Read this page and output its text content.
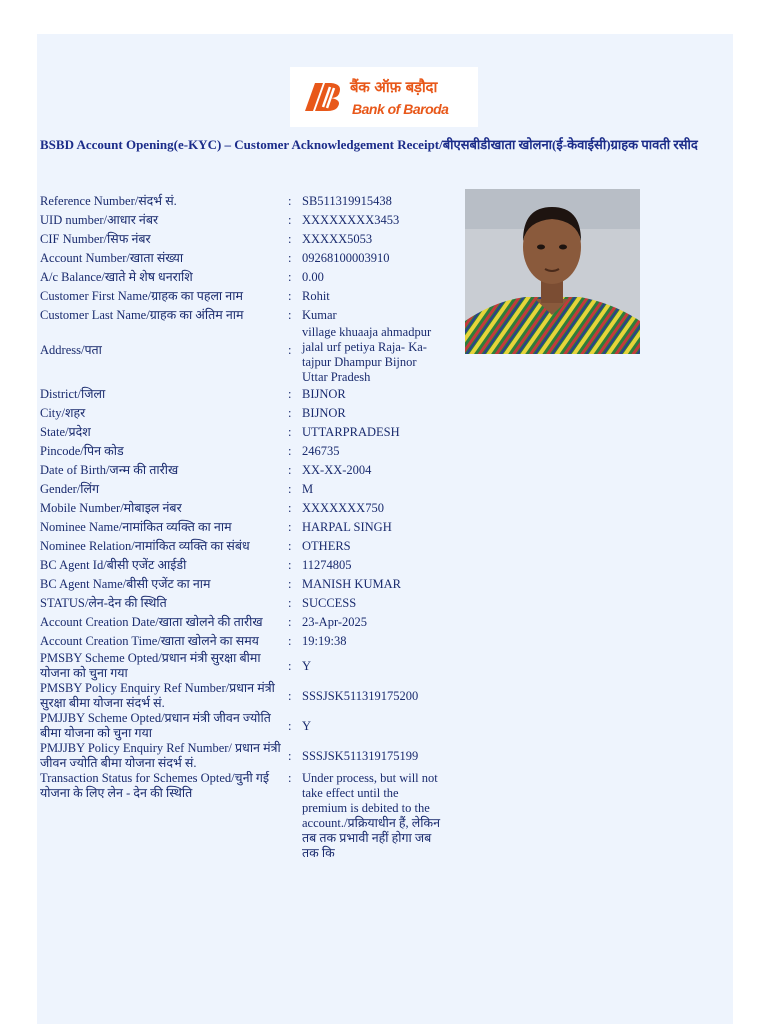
बैंक ऑफ़ बड़ौदा
Bank of Baroda
BSBD Account Opening(e-KYC) – Customer Acknowledgement Receipt/बीएसबीडीखाता खोलना(ई-केवाईसी)ग्राहक पावती रसीद
Reference Number/संदर्भ सं.	: SB511319915438
UID number/आधार नंबर	: XXXXXXXX3453
CIF Number/सिफ नंबर	: XXXXX5053
Account Number/खाता संख्या	: 09268100003910
A/c Balance/खाते मे शेष धनराशि	: 0.00
Customer First Name/ग्राहक का पहला नाम	: Rohit
Customer Last Name/ग्राहक का अंतिम नाम	: Kumar
Address/पता	:
village khuaaja ahmadpur jalal urf petiya Raja- Ka-tajpur Dhampur Bijnor Uttar Pradesh
District/जिला	: BIJNOR
City/शहर	: BIJNOR
State/प्रदेश	: UTTARPRADESH
Pincode/पिन कोड	: 246735
Date of Birth/जन्म की तारीख	: XX-XX-2004
Gender/लिंग	: M
Mobile Number/मोबाइल नंबर	: XXXXXXX750
Nominee Name/नामांकित व्यक्ति का नाम	: HARPAL SINGH
Nominee Relation/नामांकित व्यक्ति का संबंध	: OTHERS
BC Agent Id/बीसी एजेंट आईडी	: 11274805
BC Agent Name/बीसी एजेंट का नाम	: MANISH KUMAR
STATUS/लेन-देन की स्थिति	: SUCCESS
Account Creation Date/खाता खोलने की तारीख	: 23-Apr-2025
Account Creation Time/खाता खोलने का समय	: 19:19:38
PMSBY Scheme Opted/प्रधान मंत्री सुरक्षा बीमा योजना को चुना गया
: Y
PMSBY Policy Enquiry Ref Number/प्रधान मंत्री सुरक्षा बीमा योजना संदर्भ सं.
: SSSJSK511319175200
PMJJBY Scheme Opted/प्रधान मंत्री जीवन ज्योति बीमा योजना को चुना गया
: Y
PMJJBY Policy Enquiry Ref Number/ प्रधान मंत्री जीवन ज्योति बीमा योजना संदर्भ सं.
: SSSJSK511319175199
Transaction Status for Schemes Opted/चुनी गई योजना के लिए लेन - देन की स्थिति
: Under process, but will not take effect until the premium is debited to the account./प्रक्रियाधीन हैं, लेकिन तब तक प्रभावी नहीं होगा जब तक कि
